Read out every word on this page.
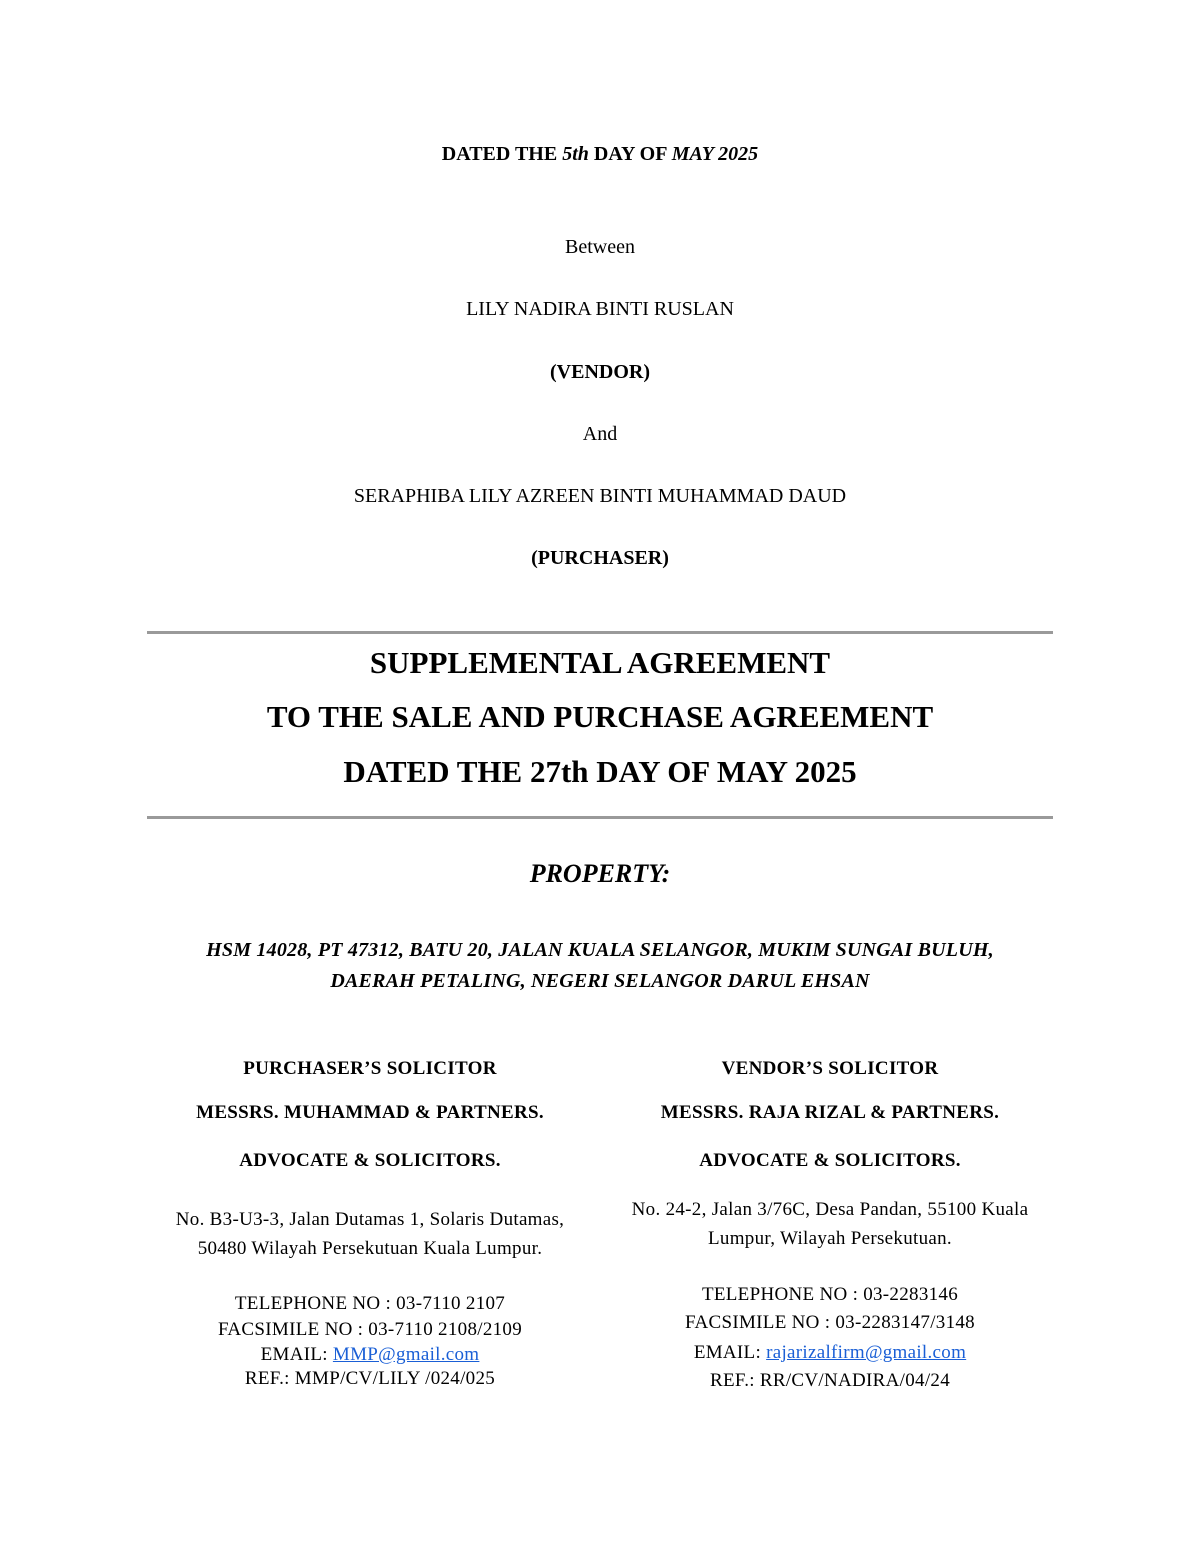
DATED THE 5th DAY OF MAY 2025
Between
LILY NADIRA BINTI RUSLAN
(VENDOR)
And
SERAPHIBA LILY AZREEN BINTI MUHAMMAD DAUD
(PURCHASER)
SUPPLEMENTAL AGREEMENT
TO THE SALE AND PURCHASE AGREEMENT
DATED THE 27th DAY OF MAY 2025
PROPERTY:
HSM 14028, PT 47312, BATU 20, JALAN KUALA SELANGOR, MUKIM SUNGAI BULUH,
DAERAH PETALING, NEGERI SELANGOR DARUL EHSAN
PURCHASER’S SOLICITOR
MESSRS. MUHAMMAD & PARTNERS.
ADVOCATE & SOLICITORS.
No. B3-U3-3, Jalan Dutamas 1, Solaris Dutamas,
50480 Wilayah Persekutuan Kuala Lumpur.
TELEPHONE NO : 03-7110 2107
FACSIMILE NO : 03-7110 2108/2109
EMAIL: MMP@gmail.com
REF.: MMP/CV/LILY /024/025
VENDOR’S SOLICITOR
MESSRS. RAJA RIZAL & PARTNERS.
ADVOCATE & SOLICITORS.
No. 24-2, Jalan 3/76C, Desa Pandan, 55100 Kuala
Lumpur, Wilayah Persekutuan.
TELEPHONE NO : 03-2283146
FACSIMILE NO : 03-2283147/3148
EMAIL: rajarizalfirm@gmail.com
REF.: RR/CV/NADIRA/04/24
